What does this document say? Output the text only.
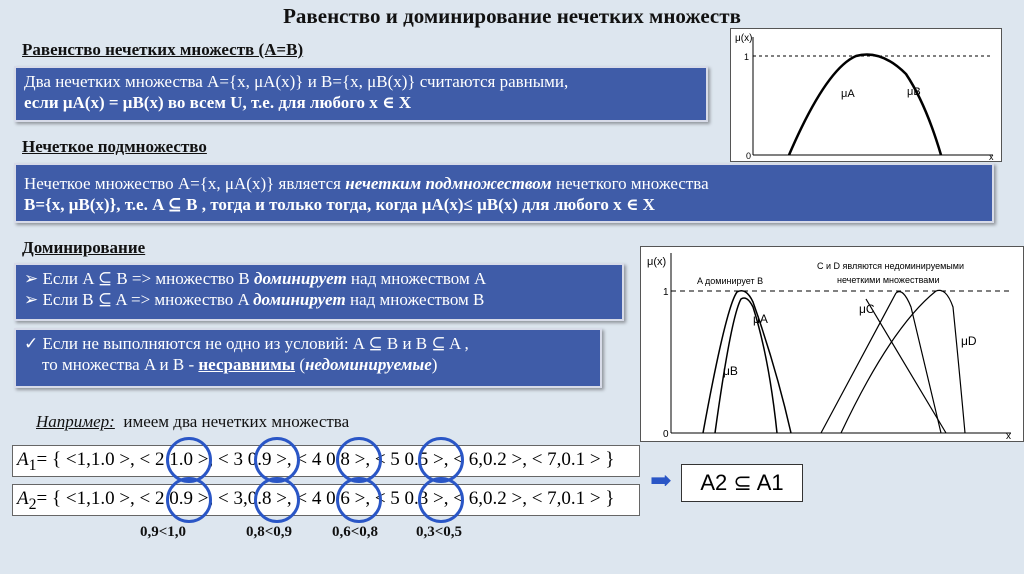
Равенство и доминирование нечетких множеств
Равенство нечетких множеств (A=B)
Два нечетких множества A={x, μA(x)} и B={x, μB(x)} считаются равными,
если μA(x) = μB(x) во всем U, т.е. для любого x ∈ X
μ(x)
1
0	x
μA	μB
Нечеткое подмножество
Нечеткое множество A={x, μA(x)} является нечетким подмножеством нечеткого множества
B={x, μB(x)}, т.е. A ⊆ B , тогда и только тогда, когда μA(x)≤ μB(x) для любого x ∈ X
Доминирование
➢ Если A ⊆ B => множество B доминирует над множеством A
➢ Если B ⊆ A => множество A доминирует над множеством B
✓ Если не выполняются не одно из условий: A ⊆ B и B ⊆ A ,
то множества A и B - несравнимы (недоминируемые)
μ(x)
1
0	x
A доминирует B
C и D являются недоминируемыми
нечеткими множествами
μA
μB
μC
μD
Например: имеем два нечетких множества
$A_1=$ { <1,1.0 >, < 2 1.0 >, < 3 0.9 >, < 4 0.8 >, < 5 0.5 >, < 6,0.2 >, < 7,0.1 > }
$A_2=$ { <1,1.0 >, < 2 0.9 >, < 3,0.8 >, < 4 0.6 >, < 5 0.3 >, < 6,0.2 >, < 7,0.1 > }
0,9<1,0	0,8<0,9	0,6<0,8	0,3<0,5
➡	A2 ⊆ A1
